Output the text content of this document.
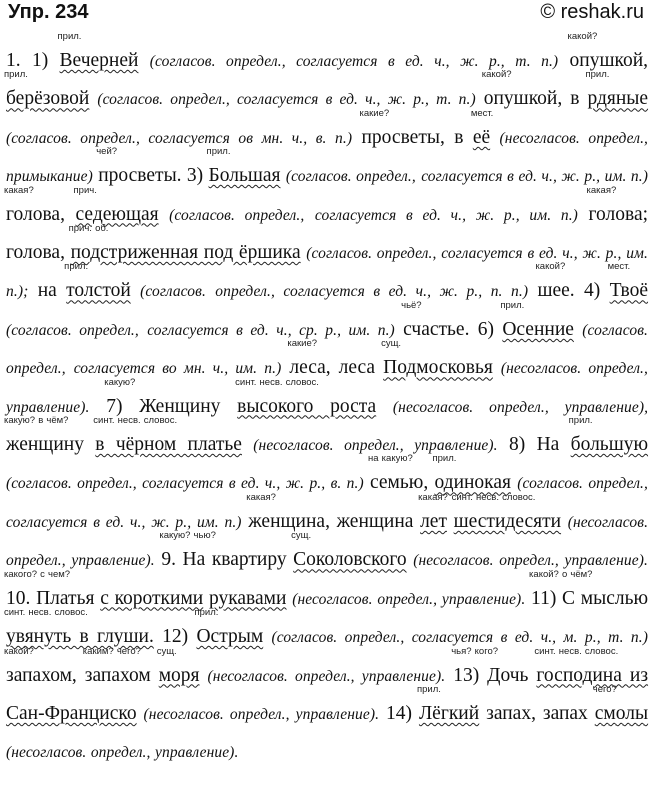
Упр. 234	© reshak.ru
1. 1)
прил.
Вечерней (согласов. определ., согласуется в ед. ч., ж. р., т. п.)
какой?
опушкой,
прил.
берёзовой (согласов. определ., согласуется в ед. ч., ж. р., т. п.)
какой?
опушкой, в
прил.
рдяные (согласов. определ., согласуется ов мн. ч., в. п.)
какие?
просветы, в
мест.
её (несогласов. определ., примыкание)
чей?
просветы. 3)
прил.
Большая (согласов. определ., согласуется в ед. ч., ж. р., им. п.)
какая?
голова,
прич.
седеющая (согласов. определ., согласуется в ед. ч., ж. р., им. п.)
какая?
голова; голова,
прич. об.
подстриженная под ёршика (согласов. определ., согласуется в ед. ч., ж. р., им. п.); на
прил.
толстой (согласов. определ., согласуется в ед. ч., ж. р., п. п.)
какой?
шее. 4)
мест.
Твоё (согласов. определ., согласуется в ед. ч., ср. р., им. п.)
чьё?
счастье. 6)
прил.
Осенние (согласов. определ., согласуется во мн. ч., им. п.)
какие?
леса, леса
сущ.
Подмосковья (несогласов. определ., управление).
какую?
7) Женщину
синт. несв. словос.
высокого роста (несогласов. определ., управление),
какую? в чём?
женщину
синт. несв. словос.
в чёрном платье (несогласов. определ., управление). 8) На
прил.
большую (согласов. определ., согласуется в ед. ч., ж. р., в. п.)
на какую?
семью,
прил.
одинокая (согласов. определ., согласуется в ед. ч., ж. р., им. п.)
какая?
женщина, женщина
какая?
лет
синт. несв. словос.
шестидесяти (несогласов. определ., управление).
какую? чью?
9. На квартиру
сущ.
Соколовского (несогласов. определ., управление).
какого? с чем?
10. Платья с короткими рукавами (несогласов. определ., управление).
какой? о чём?
11) С мыслью
синт. несв. словос.
увянуть в глуши. 12)
прил.
Острым (согласов. определ., согласуется в ед. ч., м. р., т. п.)
какой?
запахом,
каким? чего?
запахом
сущ.
моря (несогласов. определ., управление).
чья? кого?
13) Дочь
синт. несв. словос.
господина из Сан-Франциско (несогласов. определ., управление). 14)
прил.
Лёгкий запах, запах
чего?
смолы (несогласов. определ., управление).
